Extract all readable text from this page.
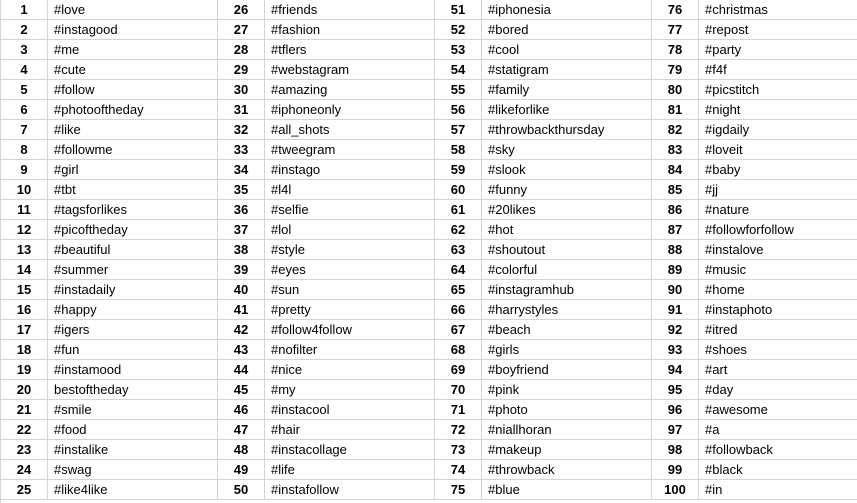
1	#love	26	#friends	51	#iphonesia	76	#christmas
2	#instagood	27	#fashion	52	#bored	77	#repost
3	#me	28	#tflers	53	#cool	78	#party
4	#cute	29	#webstagram	54	#statigram	79	#f4f
5	#follow	30	#amazing	55	#family	80	#picstitch
6	#photooftheday	31	#iphoneonly	56	#likeforlike	81	#night
7	#like	32	#all_shots	57	#throwbackthursday	82	#igdaily
8	#followme	33	#tweegram	58	#sky	83	#loveit
9	#girl	34	#instago	59	#slook	84	#baby
10	#tbt	35	#l4l	60	#funny	85	#jj
11	#tagsforlikes	36	#selfie	61	#20likes	86	#nature
12	#picoftheday	37	#lol	62	#hot	87	#followforfollow
13	#beautiful	38	#style	63	#shoutout	88	#instalove
14	#summer	39	#eyes	64	#colorful	89	#music
15	#instadaily	40	#sun	65	#instagramhub	90	#home
16	#happy	41	#pretty	66	#harrystyles	91	#instaphoto
17	#igers	42	#follow4follow	67	#beach	92	#itred
18	#fun	43	#nofilter	68	#girls	93	#shoes
19	#instamood	44	#nice	69	#boyfriend	94	#art
20	bestoftheday	45	#my	70	#pink	95	#day
21	#smile	46	#instacool	71	#photo	96	#awesome
22	#food	47	#hair	72	#niallhoran	97	#a
23	#instalike	48	#instacollage	73	#makeup	98	#followback
24	#swag	49	#life	74	#throwback	99	#black
25	#like4like	50	#instafollow	75	#blue	100	#in
